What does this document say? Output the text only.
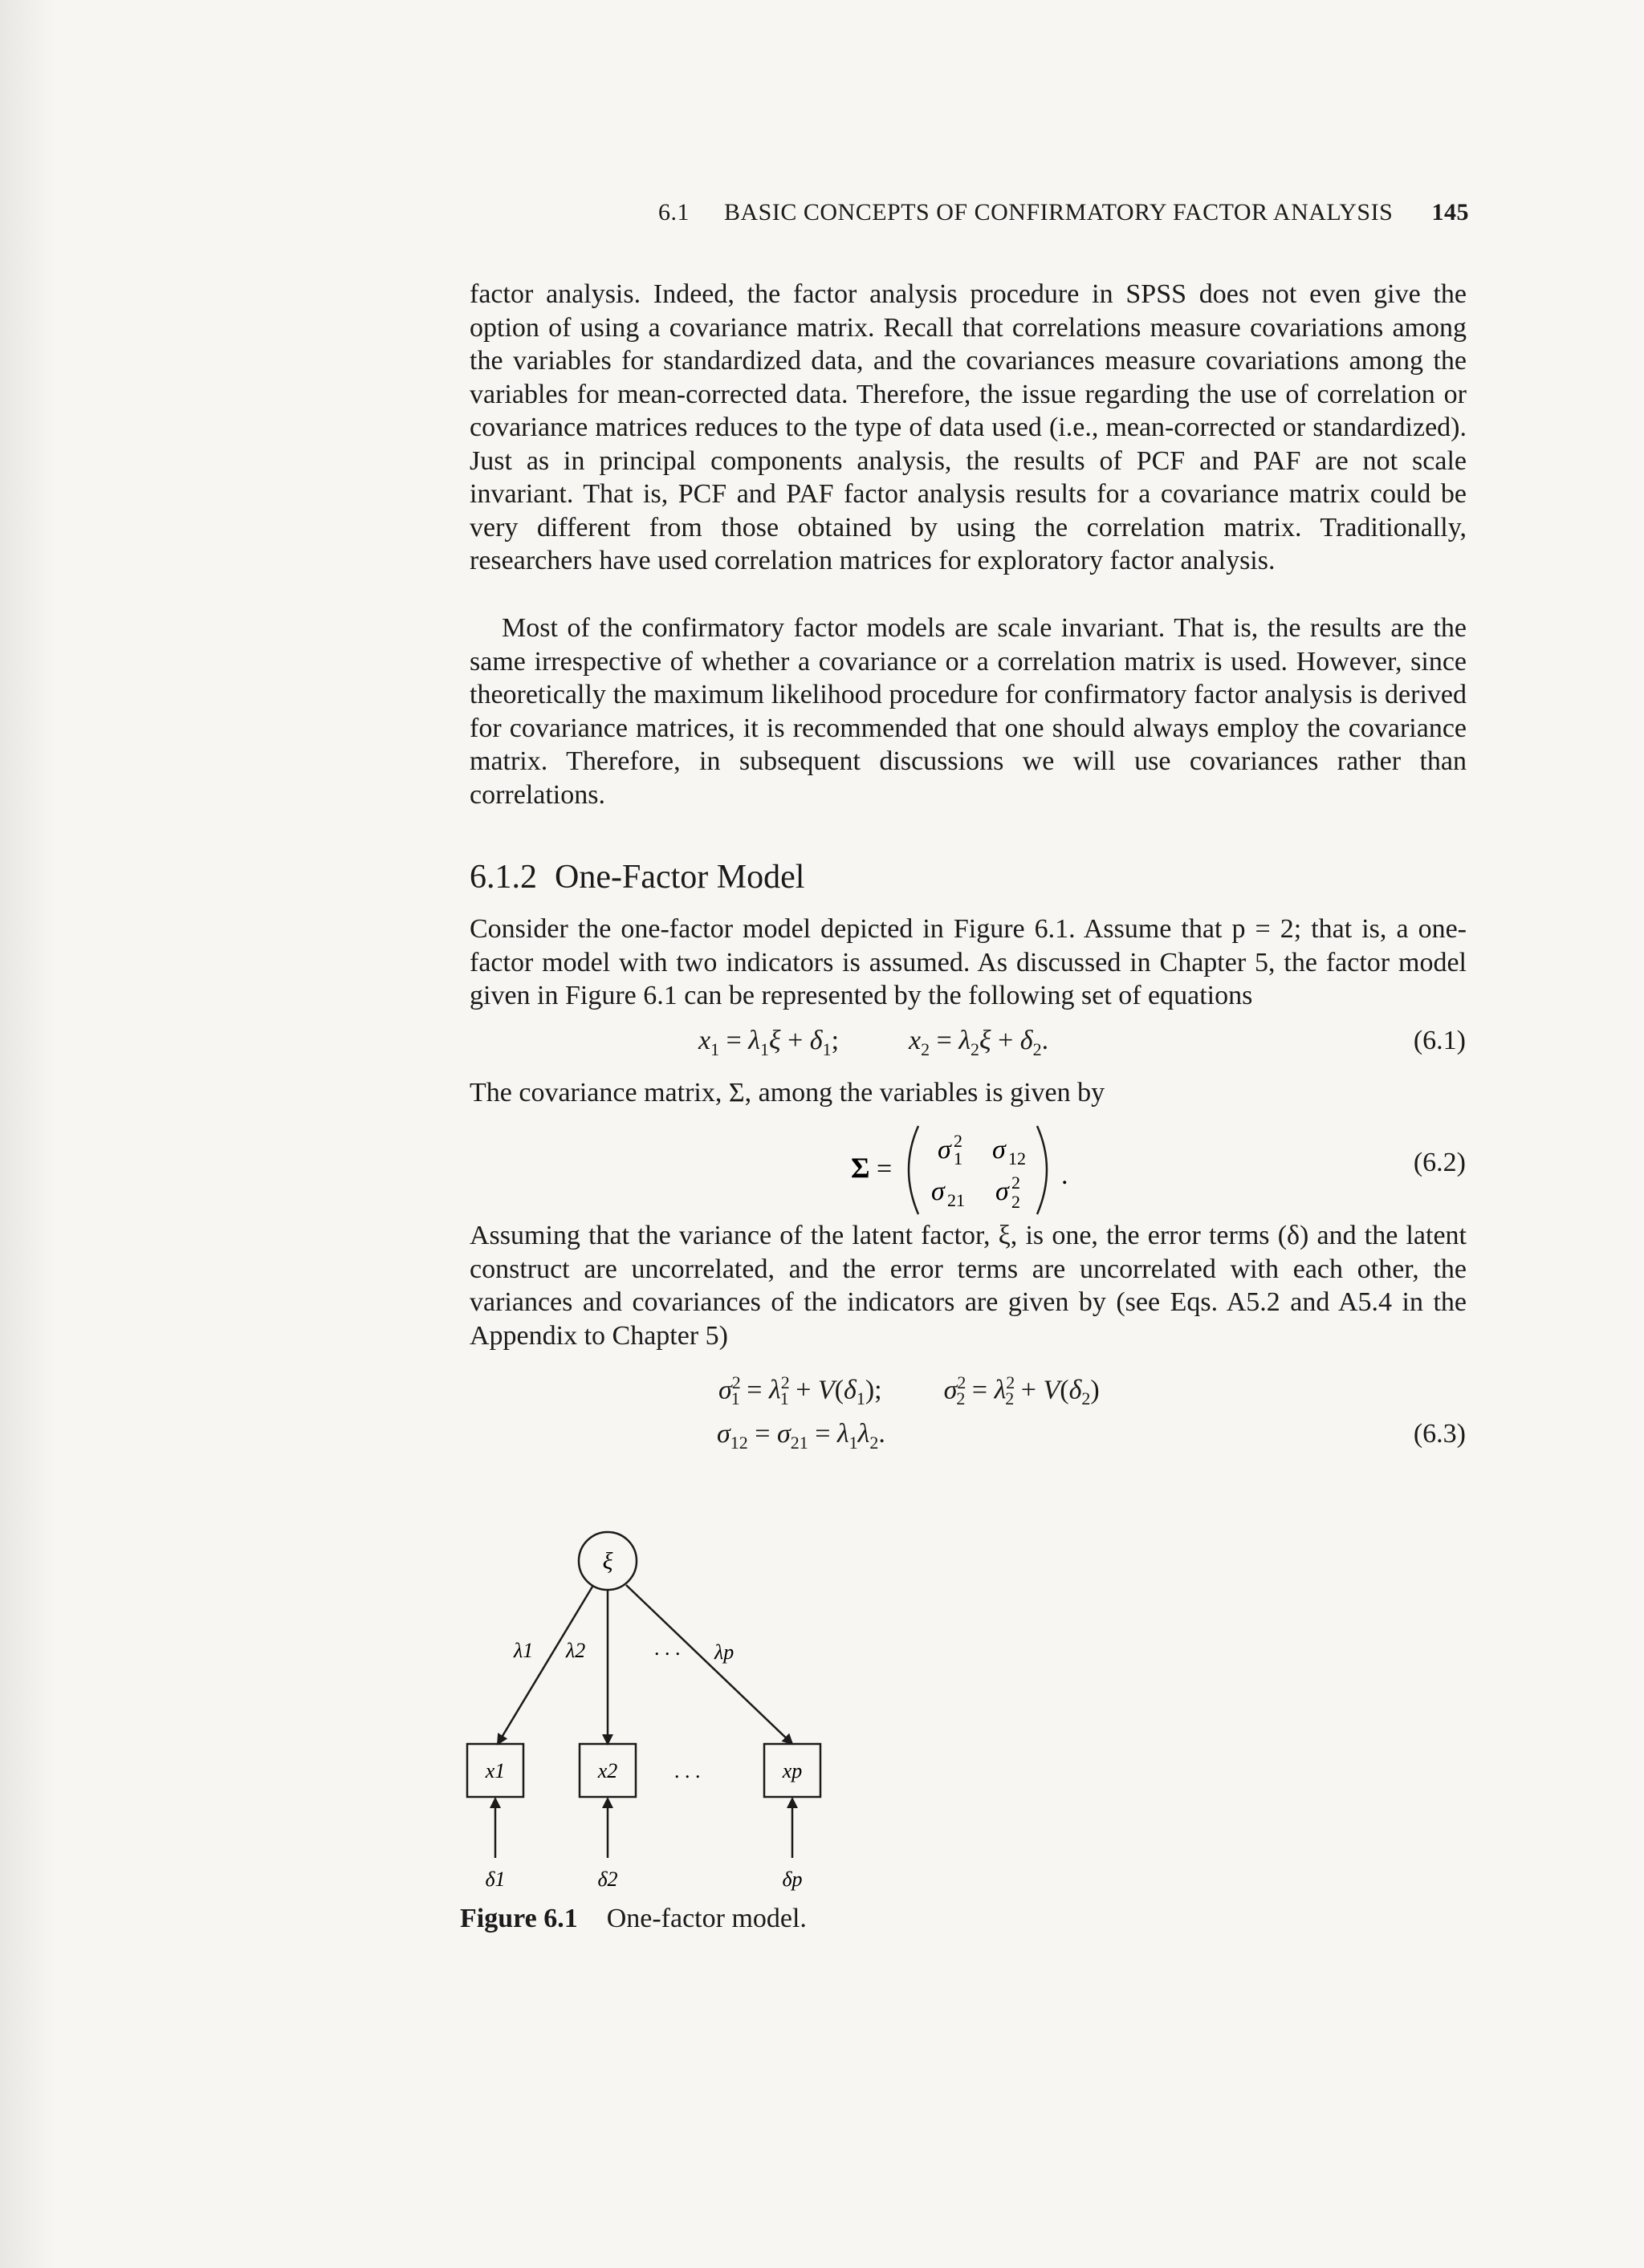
6.1 BASIC CONCEPTS OF CONFIRMATORY FACTOR ANALYSIS 145
factor analysis. Indeed, the factor analysis procedure in SPSS does not even give the option of using a covariance matrix. Recall that correlations measure covariations among the variables for standardized data, and the covariances measure covariations among the variables for mean-corrected data. Therefore, the issue regarding the use of correlation or covariance matrices reduces to the type of data used (i.e., mean-corrected or standardized). Just as in principal components analysis, the results of PCF and PAF are not scale invariant. That is, PCF and PAF factor analysis results for a covariance matrix could be very different from those obtained by using the correlation matrix. Traditionally, researchers have used correlation matrices for exploratory factor analysis.
Most of the confirmatory factor models are scale invariant. That is, the results are the same irrespective of whether a covariance or a correlation matrix is used. However, since theoretically the maximum likelihood procedure for confirmatory factor analysis is derived for covariance matrices, it is recommended that one should always employ the covariance matrix. Therefore, in subsequent discussions we will use covariances rather than correlations.
6.1.2 One-Factor Model
Consider the one-factor model depicted in Figure 6.1. Assume that p = 2; that is, a one-factor model with two indicators is assumed. As discussed in Chapter 5, the factor model given in Figure 6.1 can be represented by the following set of equations
$x_1 = \lambda_1\xi + \delta_1$;  $x_2 = \lambda_2\xi + \delta_2$.	(6.1)
The covariance matrix, Σ, among the variables is given by
Σ =
σ 2
1 σ 12
σ 21 σ 2
2
.	(6.2)
Assuming that the variance of the latent factor, ξ, is one, the error terms (δ) and the latent construct are uncorrelated, and the error terms are uncorrelated with each other, the variances and covariances of the indicators are given by (see Eqs. A5.2 and A5.4 in the Appendix to Chapter 5)
$\sigma^2_1 = \lambda^2_1 + V(\delta_1)$;  $\sigma^2_2 = \lambda^2_2 + V(\delta_2)$
$\sigma_{12} = \sigma_{21} = \lambda_1\lambda_2$.	(6.3)
ξ
λ1 λ2	λp
. . .
x1	x2	xp
. . .
δ1	δ2	δp
Figure 6.1 One-factor model.
